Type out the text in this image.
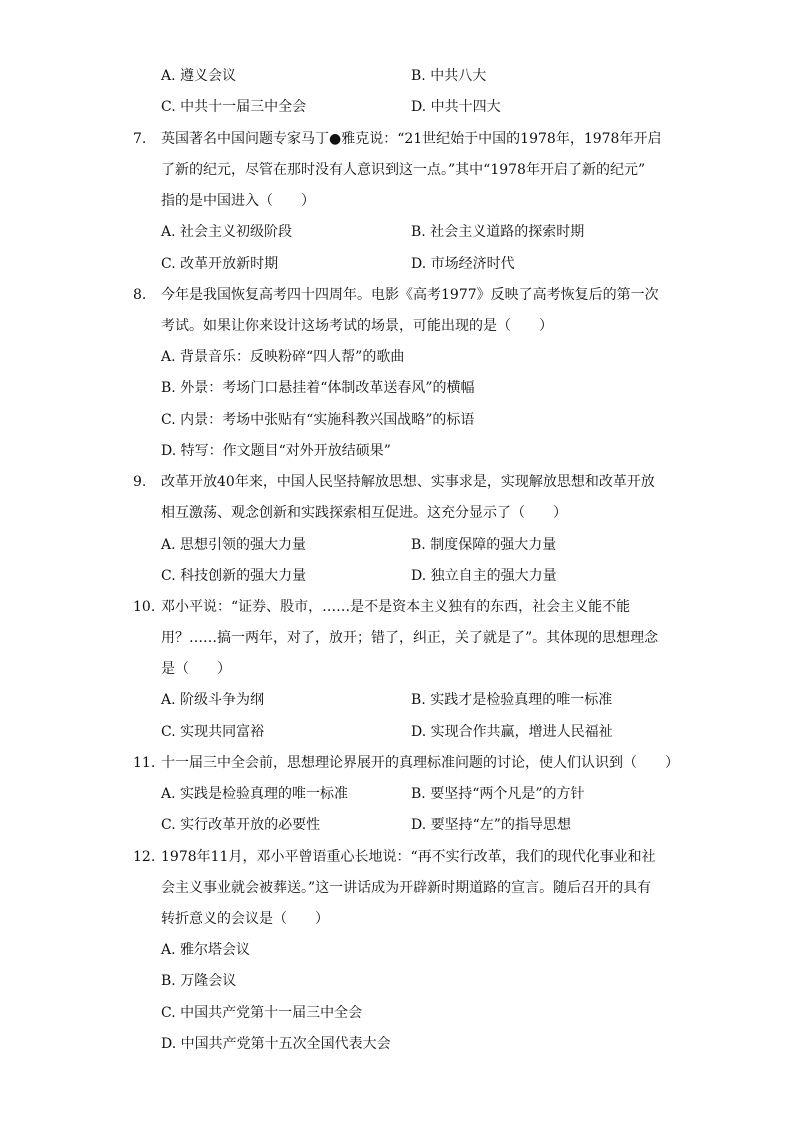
A. 遵义会议	B. 中共八大
C. 中共十一届三中全会	D. 中共十四大
7.	英国著名中国问题专家马丁●雅克说：“21世纪始于中国的1978年，1978年开启
了新的纪元，尽管在那时没有人意识到这一点。”其中“1978年开启了新的纪元”
指的是中国进入（　　）
A. 社会主义初级阶段	B. 社会主义道路的探索时期
C. 改革开放新时期	D. 市场经济时代
8.	今年是我国恢复高考四十四周年。电影《高考1977》反映了高考恢复后的第一次
考试。如果让你来设计这场考试的场景，可能出现的是（　　）
A. 背景音乐：反映粉碎“四人帮”的歌曲
B. 外景：考场门口悬挂着“体制改革送春风”的横幅
C. 内景：考场中张贴有“实施科教兴国战略”的标语
D. 特写：作文题目“对外开放结硕果”
9.	改革开放40年来，中国人民坚持解放思想、实事求是，实现解放思想和改革开放
相互激荡、观念创新和实践探索相互促进。这充分显示了（　　）
A. 思想引领的强大力量	B. 制度保障的强大力量
C. 科技创新的强大力量	D. 独立自主的强大力量
10. 邓小平说：“证券、股市，……是不是资本主义独有的东西，社会主义能不能
用？……搞一两年，对了，放开；错了，纠正，关了就是了”。其体现的思想理念
是（　　）
A. 阶级斗争为纲	B. 实践才是检验真理的唯一标准
C. 实现共同富裕	D. 实现合作共赢，增进人民福祉
11. 十一届三中全会前，思想理论界展开的真理标准问题的讨论，使人们认识到（　　）
A. 实践是检验真理的唯一标准	B. 要坚持“两个凡是”的方针
C. 实行改革开放的必要性	D. 要坚持“左”的指导思想
12. 1978年11月，邓小平曾语重心长地说：“再不实行改革，我们的现代化事业和社
会主义事业就会被葬送。”这一讲话成为开辟新时期道路的宣言。随后召开的具有
转折意义的会议是（　　）
A. 雅尔塔会议
B. 万隆会议
C. 中国共产党第十一届三中全会
D. 中国共产党第十五次全国代表大会
